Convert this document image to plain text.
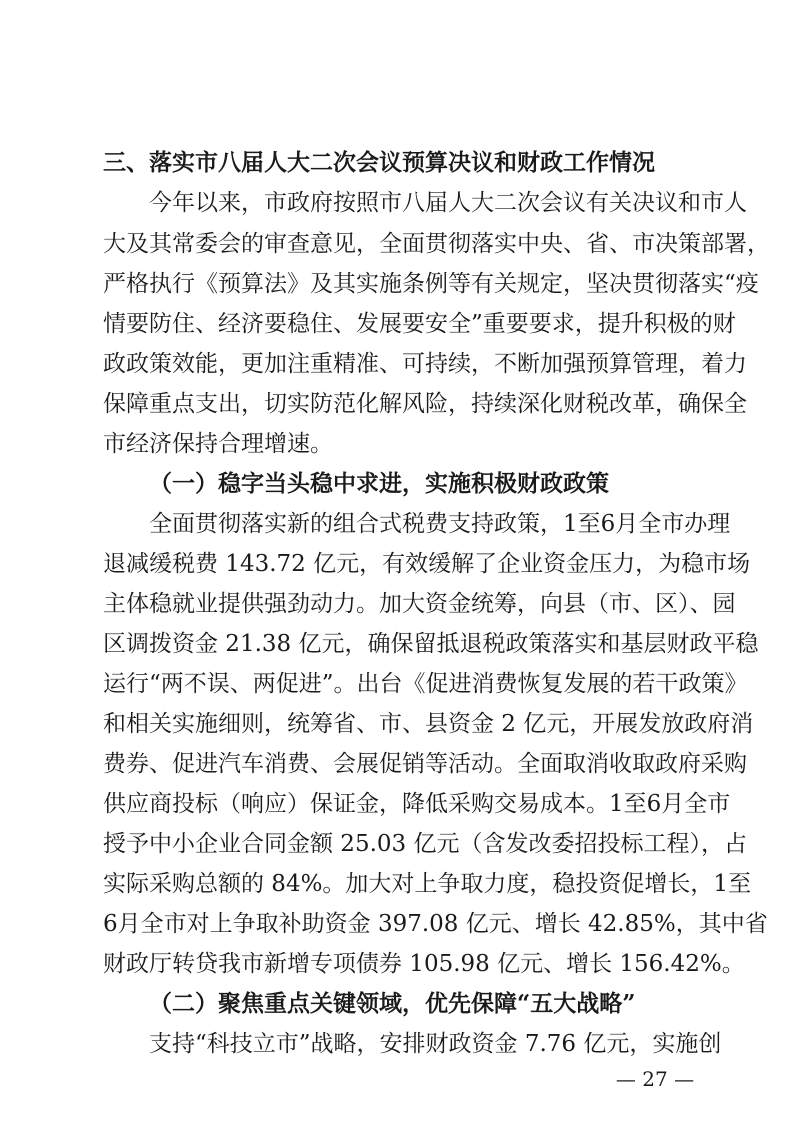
三、落实市八届人大二次会议预算决议和财政工作情况
今年以来，市政府按照市八届人大二次会议有关决议和市人
大及其常委会的审查意见，全面贯彻落实中央、省、市决策部署，
严格执行《预算法》及其实施条例等有关规定，坚决贯彻落实“疫
情要防住、经济要稳住、发展要安全”重要要求，提升积极的财
政政策效能，更加注重精准、可持续，不断加强预算管理，着力
保障重点支出，切实防范化解风险，持续深化财税改革，确保全
市经济保持合理增速。
（一）稳字当头稳中求进，实施积极财政政策
全面贯彻落实新的组合式税费支持政策，1至6月全市办理
退减缓税费 143.72 亿元，有效缓解了企业资金压力，为稳市场
主体稳就业提供强劲动力。加大资金统筹，向县（市、区）、园
区调拨资金 21.38 亿元，确保留抵退税政策落实和基层财政平稳
运行“两不误、两促进”。出台《促进消费恢复发展的若干政策》
和相关实施细则，统筹省、市、县资金 2 亿元，开展发放政府消
费券、促进汽车消费、会展促销等活动。全面取消收取政府采购
供应商投标（响应）保证金，降低采购交易成本。1至6月全市
授予中小企业合同金额 25.03 亿元（含发改委招投标工程），占
实际采购总额的 84%。加大对上争取力度，稳投资促增长，1至
6月全市对上争取补助资金 397.08 亿元、增长 42.85%，其中省
财政厅转贷我市新增专项债券 105.98 亿元、增长 156.42%。
（二）聚焦重点关键领域，优先保障“五大战略”
支持“科技立市”战略，安排财政资金 7.76 亿元，实施创
— 27 —
